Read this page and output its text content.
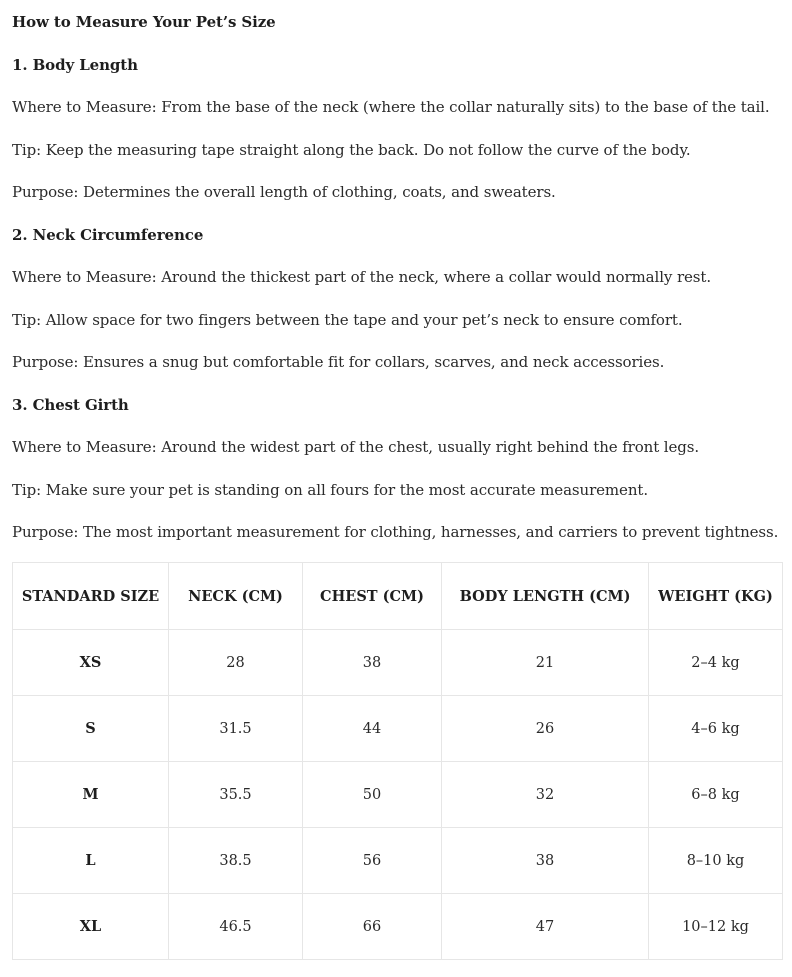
How to Measure Your Pet’s Size
1. Body Length
Where to Measure: From the base of the neck (where the collar naturally sits) to the base of the tail.
Tip: Keep the measuring tape straight along the back. Do not follow the curve of the body.
Purpose: Determines the overall length of clothing, coats, and sweaters.
2. Neck Circumference
Where to Measure: Around the thickest part of the neck, where a collar would normally rest.
Tip: Allow space for two fingers between the tape and your pet’s neck to ensure comfort.
Purpose: Ensures a snug but comfortable fit for collars, scarves, and neck accessories.
3. Chest Girth
Where to Measure: Around the widest part of the chest, usually right behind the front legs.
Tip: Make sure your pet is standing on all fours for the most accurate measurement.
Purpose: The most important measurement for clothing, harnesses, and carriers to prevent tightness.
STANDARD SIZE	NECK (CM)	CHEST (CM)	BODY LENGTH (CM)	WEIGHT (KG)
XS	28	38	21	2–4 kg
S	31.5	44	26	4–6 kg
M	35.5	50	32	6–8 kg
L	38.5	56	38	8–10 kg
XL	46.5	66	47	10–12 kg
